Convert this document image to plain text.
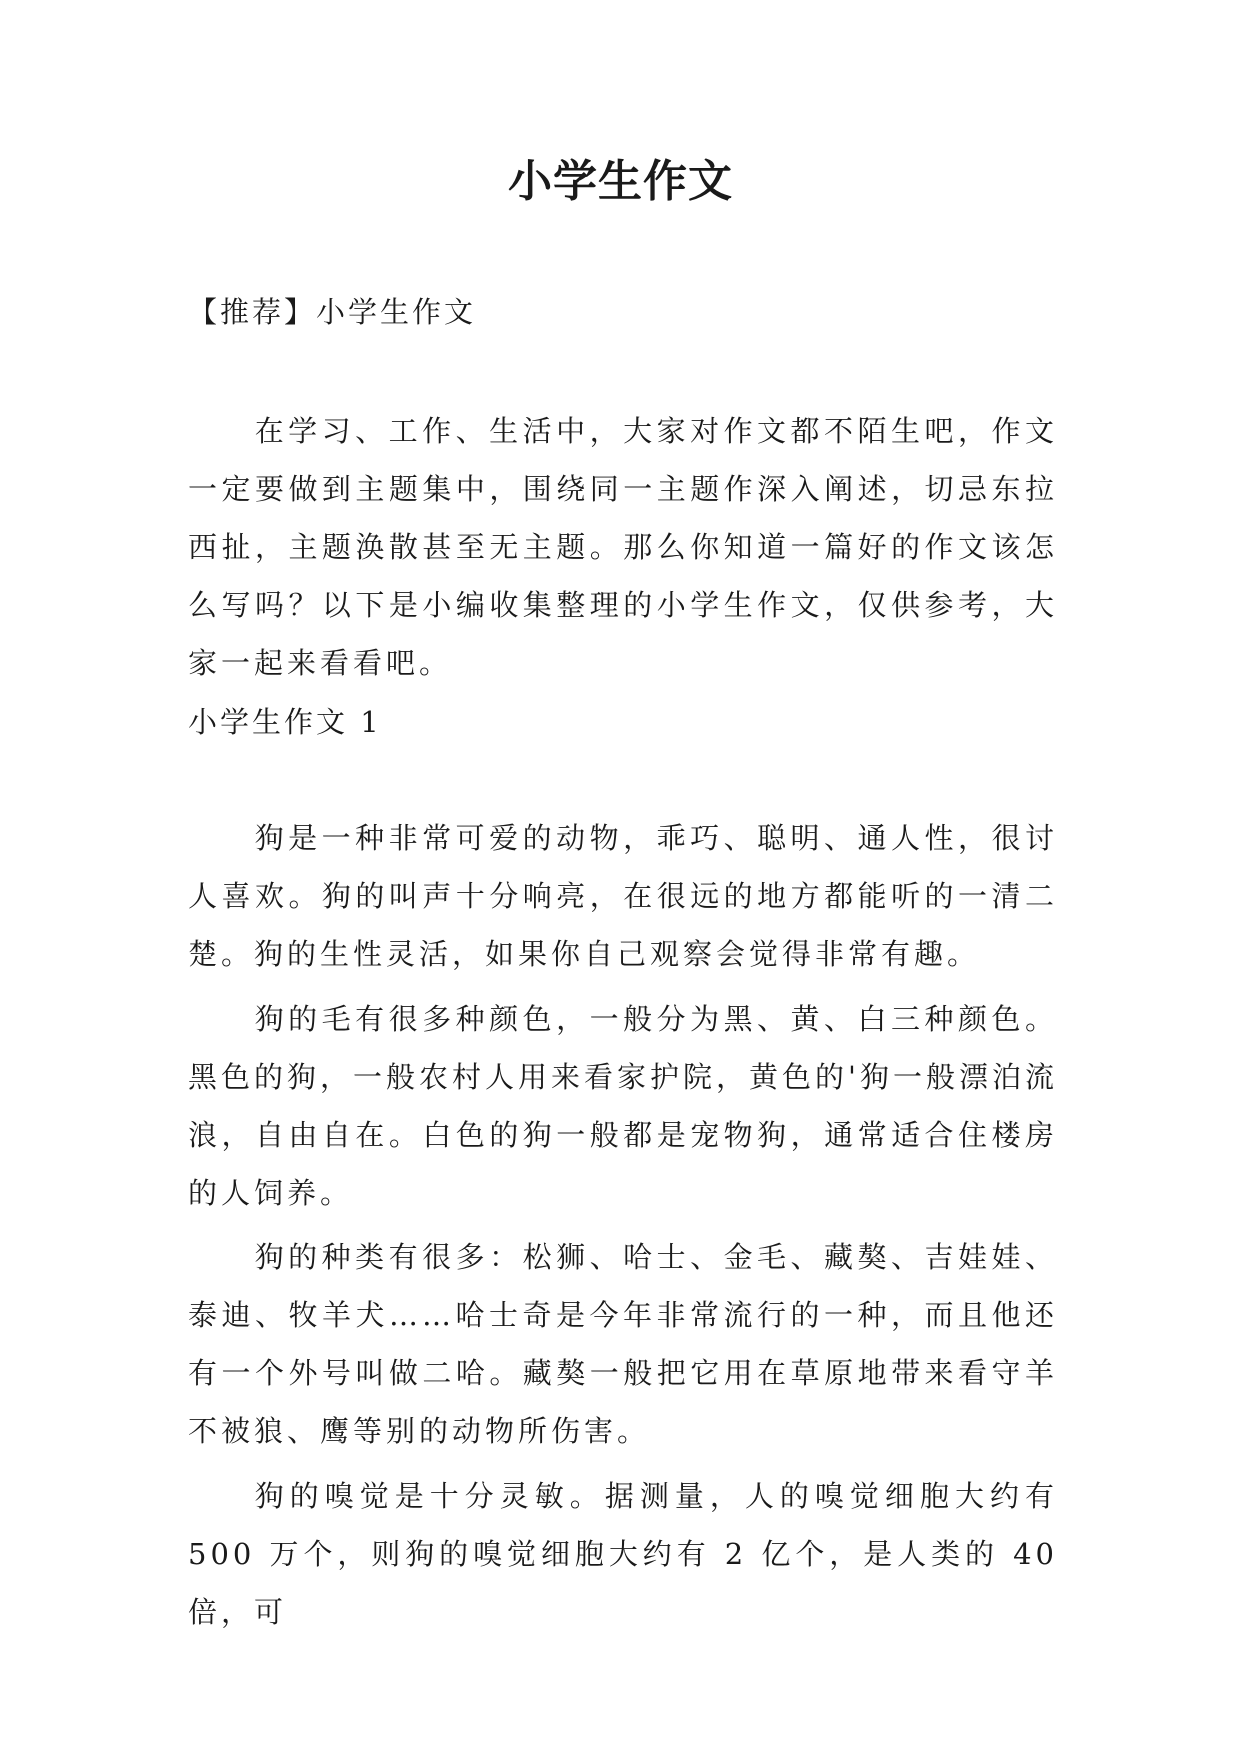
小学生作文

【推荐】小学生作文

在学习、工作、生活中，大家对作文都不陌生吧，作文一定要做到主题集中，围绕同一主题作深入阐述，切忌东拉西扯，主题涣散甚至无主题。那么你知道一篇好的作文该怎么写吗？以下是小编收集整理的小学生作文，仅供参考，大家一起来看看吧。

小学生作文 1

狗是一种非常可爱的动物，乖巧、聪明、通人性，很讨人喜欢。狗的叫声十分响亮，在很远的地方都能听的一清二楚。狗的生性灵活，如果你自己观察会觉得非常有趣。

狗的毛有很多种颜色，一般分为黑、黄、白三种颜色。黑色的狗，一般农村人用来看家护院，黄色的'狗一般漂泊流浪，自由自在。白色的狗一般都是宠物狗，通常适合住楼房的人饲养。

狗的种类有很多：松狮、哈士、金毛、藏獒、吉娃娃、泰迪、牧羊犬……哈士奇是今年非常流行的一种，而且他还有一个外号叫做二哈。藏獒一般把它用在草原地带来看守羊不被狼、鹰等别的动物所伤害。

狗的嗅觉是十分灵敏。据测量，人的嗅觉细胞大约有 500 万个，则狗的嗅觉细胞大约有 2 亿个，是人类的 40 倍，可
